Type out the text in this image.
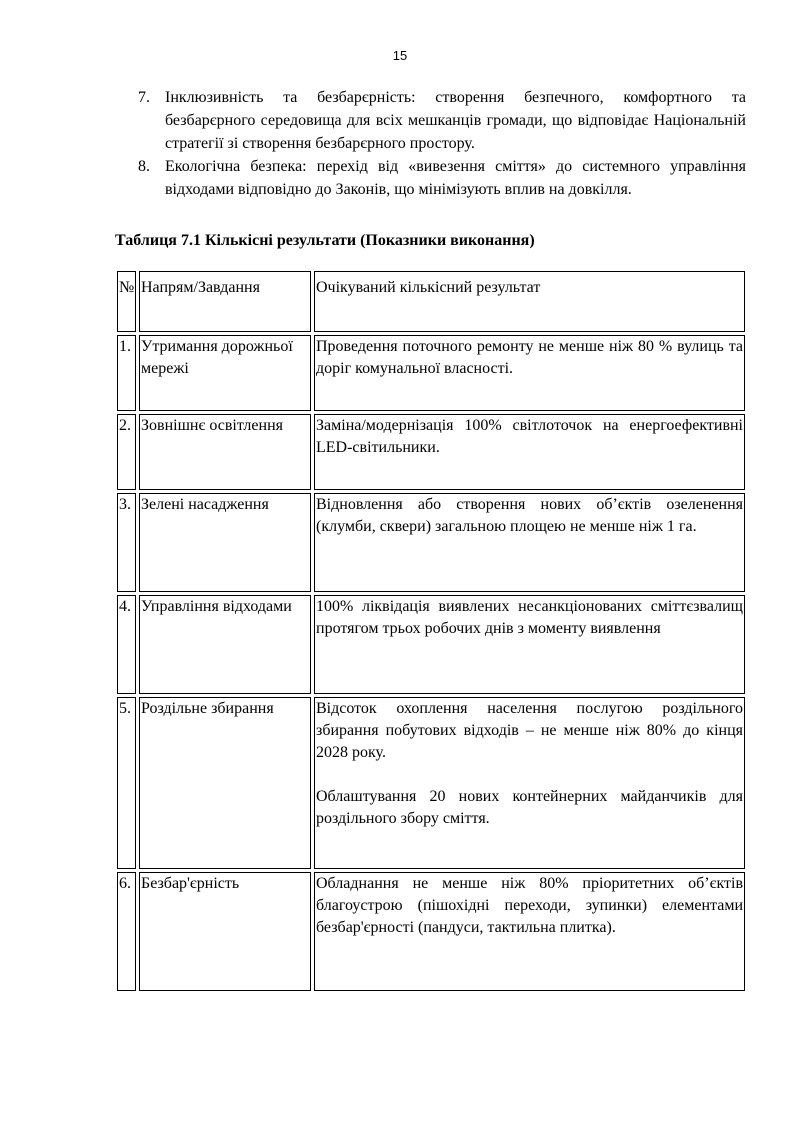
15
7. Інклюзивність та безбарєрність: створення безпечного, комфортного та безбарєрного середовища для всіх мешканців громади, що відповідає Національній стратегії зі створення безбарєрного простору.
8. Екологічна безпека: перехід від «вивезення сміття» до системного управління відходами відповідно до Законів, що мінімізують вплив на довкілля.
Таблиця 7.1 Кількісні результати (Показники виконання)
№	Напрям/Завдання	Очікуваний кількісний результат
1.	Утримання дорожньої мережі	Проведення поточного ремонту не менше ніж 80 % вулиць та доріг комунальної власності.

2.	Зовнішнє освітлення	Заміна/модернізація 100% світлоточок на енергоефективні LED-світильники.

3.	Зелені насадження	Відновлення або створення нових об’єктів озеленення (клумби, сквери) загальною площею не менше ніж 1 га.

4.	Управління відходами	100% ліквідація виявлених несанкціонованих сміттєзвалищ протягом трьох робочих днів з моменту виявлення

5.	Роздільне збирання	Відсоток охоплення населення послугою роздільного збирання побутових відходів – не менше ніж 80% до кінця 2028 року.
Облаштування 20 нових контейнерних майданчиків для роздільного збору сміття.

6.	Безбар'єрність	Обладнання не менше ніж 80% пріоритетних об’єктів благоустрою (пішохідні переходи, зупинки) елементами безбар'єрності (пандуси, тактильна плитка).
